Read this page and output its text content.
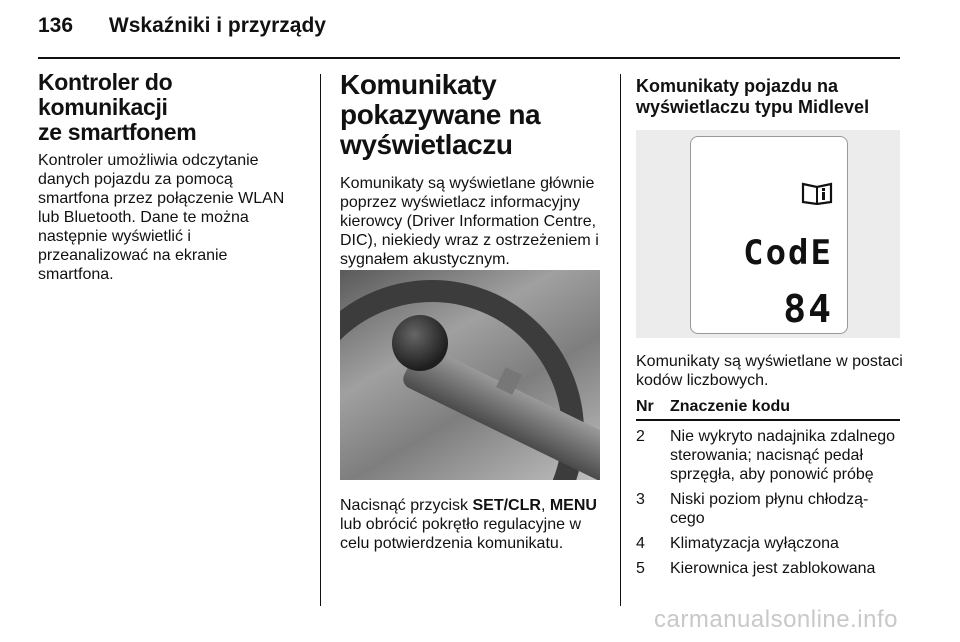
136 Wskaźniki i przyrządy
Kontroler do komunikacji
ze smartfonem

Kontroler umożliwia odczytanie
danych pojazdu za pomocą
smartfona przez połączenie WLAN
lub Bluetooth. Dane te można
następnie wyświetlić i
przeanalizować na ekranie
smartfona.

Komunikaty
pokazywane na
wyświetlaczu

Komunikaty są wyświetlane głównie
poprzez wyświetlacz informacyjny
kierowcy (Driver Information Centre,
DIC), niekiedy wraz z ostrzeżeniem i
sygnałem akustycznym.

Nacisnąć przycisk SET/CLR, MENU
lub obrócić pokrętło regulacyjne w
celu potwierdzenia komunikatu.

Komunikaty pojazdu na
wyświetlaczu typu Midlevel
CodE
84

Komunikaty są wyświetlane w postaci
kodów liczbowych.

Nr	Znaczenie kodu
2	Nie wykryto nadajnika zdalnego
sterowania; nacisnąć pedał
sprzęgła, aby ponowić próbę
3	Niski poziom płynu chłodzą-
cego
4	Klimatyzacja wyłączona
5	Kierownica jest zablokowana
carmanualsonline.info
